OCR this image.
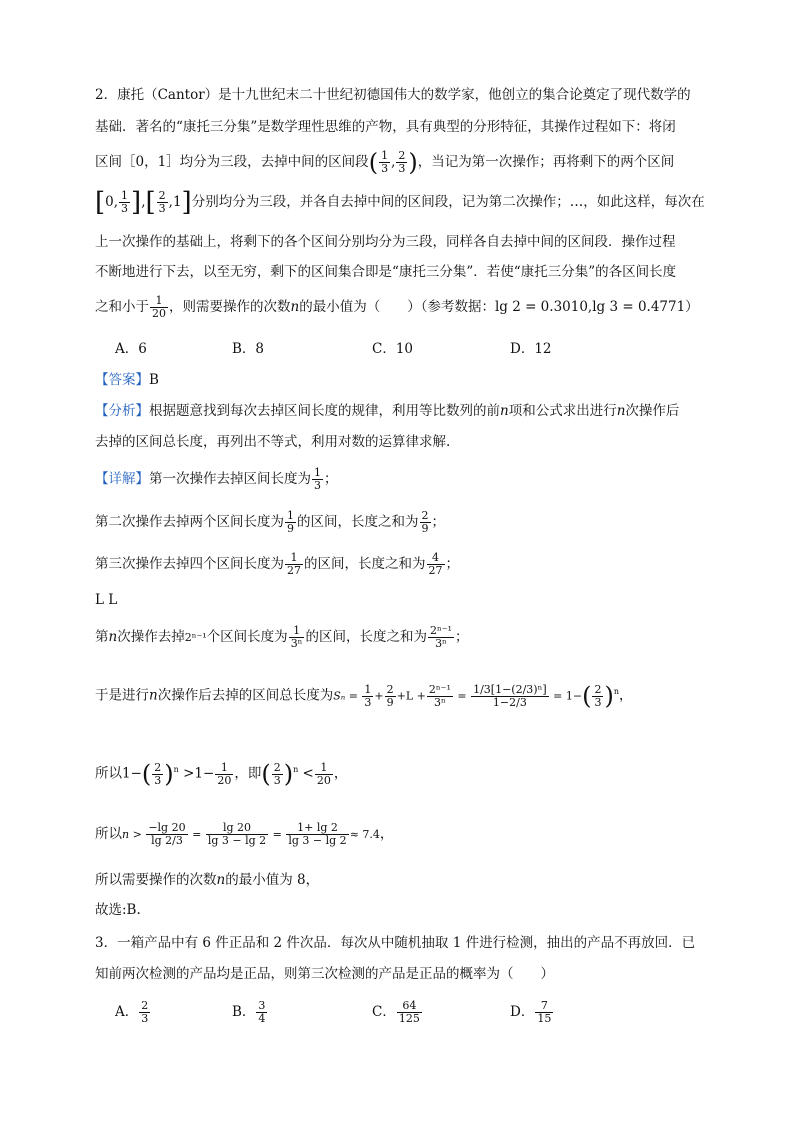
2．康托（Cantor）是十九世纪末二十世纪初德国伟大的数学家，他创立的集合论奠定了现代数学的
基础．著名的“康托三分集”是数学理性思维的产物，具有典型的分形特征，其操作过程如下：将闭
区间［0，1］均分为三段，去掉中间的区间段( $\frac{1}{3}$ , $\frac{2}{3}$ )，当记为第一次操作；再将剩下的两个区间
[0, $\frac{1}{3}$ ],[ $\frac{2}{3} ,1$]分别均分为三段，并各自去掉中间的区间段，记为第二次操作；…，如此这样，每次在
上一次操作的基础上，将剩下的各个区间分别均分为三段，同样各自去掉中间的区间段．操作过程
不断地进行下去，以至无穷，剩下的区间集合即是“康托三分集”．若使“康托三分集”的各区间长度
之和小于 $\frac{1}{20}$ ，则需要操作的次数n的最小值为（　　）（参考数据：lg 2 = 0.3010,lg 3 = 0.4771）
A．6	B．8	C．10	D．12
【答案】B
【分析】根据题意找到每次去掉区间长度的规律，利用等比数列的前n项和公式求出进行n次操作后
去掉的区间总长度，再列出不等式，利用对数的运算律求解.
【详解】第一次操作去掉区间长度为 $\frac{1}{3}$ ；
第二次操作去掉两个区间长度为 $\frac{1}{9}$ 的区间，长度之和为 $\frac{2}{9}$ ；
第三次操作去掉四个区间长度为 $\frac{1}{27}$ 的区间，长度之和为 $\frac{4}{27}$ ；
L L
第n次操作去掉2ⁿ⁻¹个区间长度为 $\frac{1}{\text{3ⁿ}}$ 的区间，长度之和为 $\frac{\text{2ⁿ⁻¹}}{\text{3ⁿ}}$ ；
于是进行n次操作后去掉的区间总长度为$S_n = \frac{1}{3} + \frac{2}{9} +L + \frac{\text{2ⁿ⁻¹}}{\text{3ⁿ}} = \frac{\text{1/3[1−(2/3)ⁿ]}}{1-2/3} = 1-( \frac{2}{3} )^n$，
所以$1-( \frac{2}{3} )^n >1- \frac{1}{20}$ ，即( $\frac{2}{3} )^n < \frac{1}{20}$ ，
所以$n > \frac{-\lg 20}{\lg 2/3} = \frac{\lg 20}{\lg 3 - \lg 2} = \frac{1+ \lg 2}{\lg 3 - \lg 2} \approx 7.4$，
所以需要操作的次数n的最小值为 8，
故选:B.
3．一箱产品中有 6 件正品和 2 件次品．每次从中随机抽取 1 件进行检测，抽出的产品不再放回．已
知前两次检测的产品均是正品，则第三次检测的产品是正品的概率为（　　）
A． $\frac{2}{3}$	B． $\frac{3}{4}$	C． $\frac{64}{125}$	D． $\frac{7}{15}$
